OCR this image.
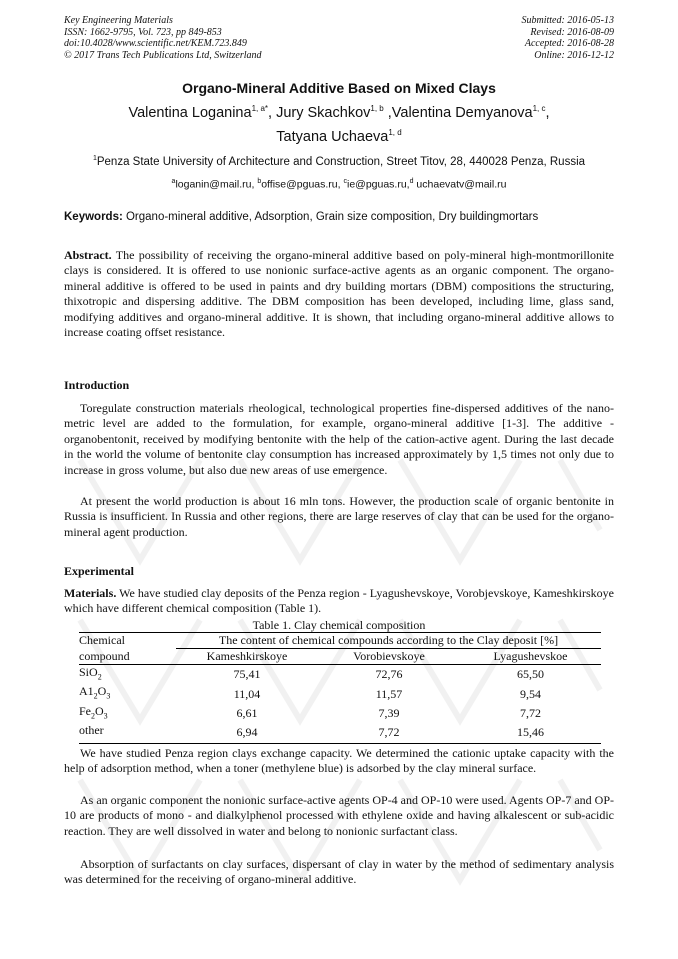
Key Engineering Materials
ISSN: 1662-9795, Vol. 723, pp 849-853
doi:10.4028/www.scientific.net/KEM.723.849
© 2017 Trans Tech Publications Ltd, Switzerland
Submitted: 2016-05-13
Revised: 2016-08-09
Accepted: 2016-08-28
Online: 2016-12-12
Organo-Mineral Additive Based on Mixed Clays
Valentina Loganina$^{1, a*}$, Jury Skachkov$^{1, b}$ ,Valentina Demyanova$^{1, c}$,
Tatyana Uchaeva$^{1, d}$
$^1$Penza State University of Architecture and Construction, Street Titov, 28, 440028 Penza, Russia
$^a$loganin@mail.ru, $^b$offise@pguas.ru, $^c$ie@pguas.ru,$^d$ uchaevatv@mail.ru
Keywords: Organo-mineral additive, Adsorption, Grain size composition, Dry buildingmortars
Abstract. The possibility of receiving the organo-mineral additive based on poly-mineral high-montmorillonite clays is considered. It is offered to use nonionic surface-active agents as an organic component. The organo-mineral additive is offered to be used in paints and dry building mortars (DBM) compositions the structuring, thixotropic and dispersing additive. The DBM composition has been developed, including lime, glass sand, modifying additives and organo-mineral additive. It is shown, that including organo-mineral additive allows to increase coating offset resistance.
Introduction
Toregulate construction materials rheological, technological properties fine-dispersed additives of the nano-metric level are added to the formulation, for example, organo-mineral additive [1-3]. The additive - organobentonit, received by modifying bentonite with the help of the cation-active agent. During the last decade in the world the volume of bentonite clay consumption has increased approximately by 1,5 times not only due to increase in gross volume, but also due new areas of use emergence.
At present the world production is about 16 mln tons. However, the production scale of organic bentonite in Russia is insufficient. In Russia and other regions, there are large reserves of clay that can be used for the organo-mineral agent production.
Experimental
Materials. We have studied clay deposits of the Penza region - Lyagushevskoye, Vorobjevskoye, Kameshkirskoye which have different chemical composition (Table 1).
Table 1. Clay chemical composition
Chemical	The content of chemical compounds according to the Clay deposit [%]		
compound	Kameshkirskoye	Vorobievskoye	Lyagushevskoe
SiO$_2$	75,41	72,76	65,50
$A1_2O_3$	11,04	11,57	9,54
$Fe_2O_3$	6,61	7,39	7,72
other	6,94	7,72	15,46
We have studied Penza region clays exchange capacity. We determined the cationic uptake capacity with the help of adsorption method, when a toner (methylene blue) is adsorbed by the clay mineral surface.
As an organic component the nonionic surface-active agents OP-4 and OP-10 were used. Agents OP-7 and OP-10 are products of mono - and dialkylphenol processed with ethylene oxide and having alkalescent or sub-acidic reaction. They are well dissolved in water and belong to nonionic surfactant class.
Absorption of surfactants on clay surfaces, dispersant of clay in water by the method of sedimentary analysis was determined for the receiving of organo-mineral additive.
